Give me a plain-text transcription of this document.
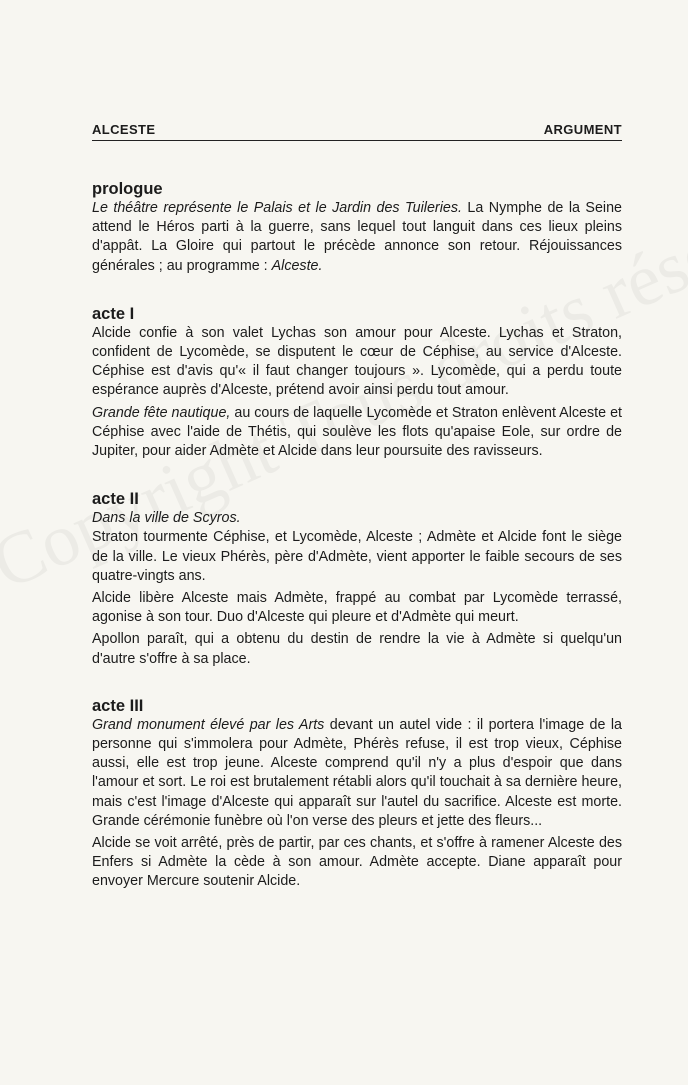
ALCESTE	ARGUMENT
prologue

Le théâtre représente le Palais et le Jardin des Tuileries. La Nymphe de la Seine attend le Héros parti à la guerre, sans lequel tout languit dans ces lieux pleins d'appât. La Gloire qui partout le précède annonce son retour. Réjouissances générales ; au programme : Alceste.

acte I

Alcide confie à son valet Lychas son amour pour Alceste. Lychas et Straton, confident de Lycomède, se disputent le cœur de Céphise, au service d'Alceste. Céphise est d'avis qu'« il faut changer toujours ». Lycomède, qui a perdu toute espérance auprès d'Alceste, prétend avoir ainsi perdu tout amour.

Grande fête nautique, au cours de laquelle Lycomède et Straton enlèvent Alceste et Céphise avec l'aide de Thétis, qui soulève les flots qu'apaise Eole, sur ordre de Jupiter, pour aider Admète et Alcide dans leur poursuite des ravisseurs.

acte II

Dans la ville de Scyros.
Straton tourmente Céphise, et Lycomède, Alceste ; Admète et Alcide font le siège de la ville. Le vieux Phérès, père d'Admète, vient apporter le faible secours de ses quatre-vingts ans.

Alcide libère Alceste mais Admète, frappé au combat par Lycomède terrassé, agonise à son tour. Duo d'Alceste qui pleure et d'Admète qui meurt.

Apollon paraît, qui a obtenu du destin de rendre la vie à Admète si quelqu'un d'autre s'offre à sa place.

acte III

Grand monument élevé par les Arts devant un autel vide : il portera l'image de la personne qui s'immolera pour Admète, Phérès refuse, il est trop vieux, Céphise aussi, elle est trop jeune. Alceste comprend qu'il n'y a plus d'espoir que dans l'amour et sort. Le roi est brutalement rétabli alors qu'il touchait à sa dernière heure, mais c'est l'image d'Alceste qui apparaît sur l'autel du sacrifice. Alceste est morte. Grande cérémonie funèbre où l'on verse des pleurs et jette des fleurs...

Alcide se voit arrêté, près de partir, par ces chants, et s'offre à ramener Alceste des Enfers si Admète la cède à son amour. Admète accepte. Diane apparaît pour envoyer Mercure soutenir Alcide.
